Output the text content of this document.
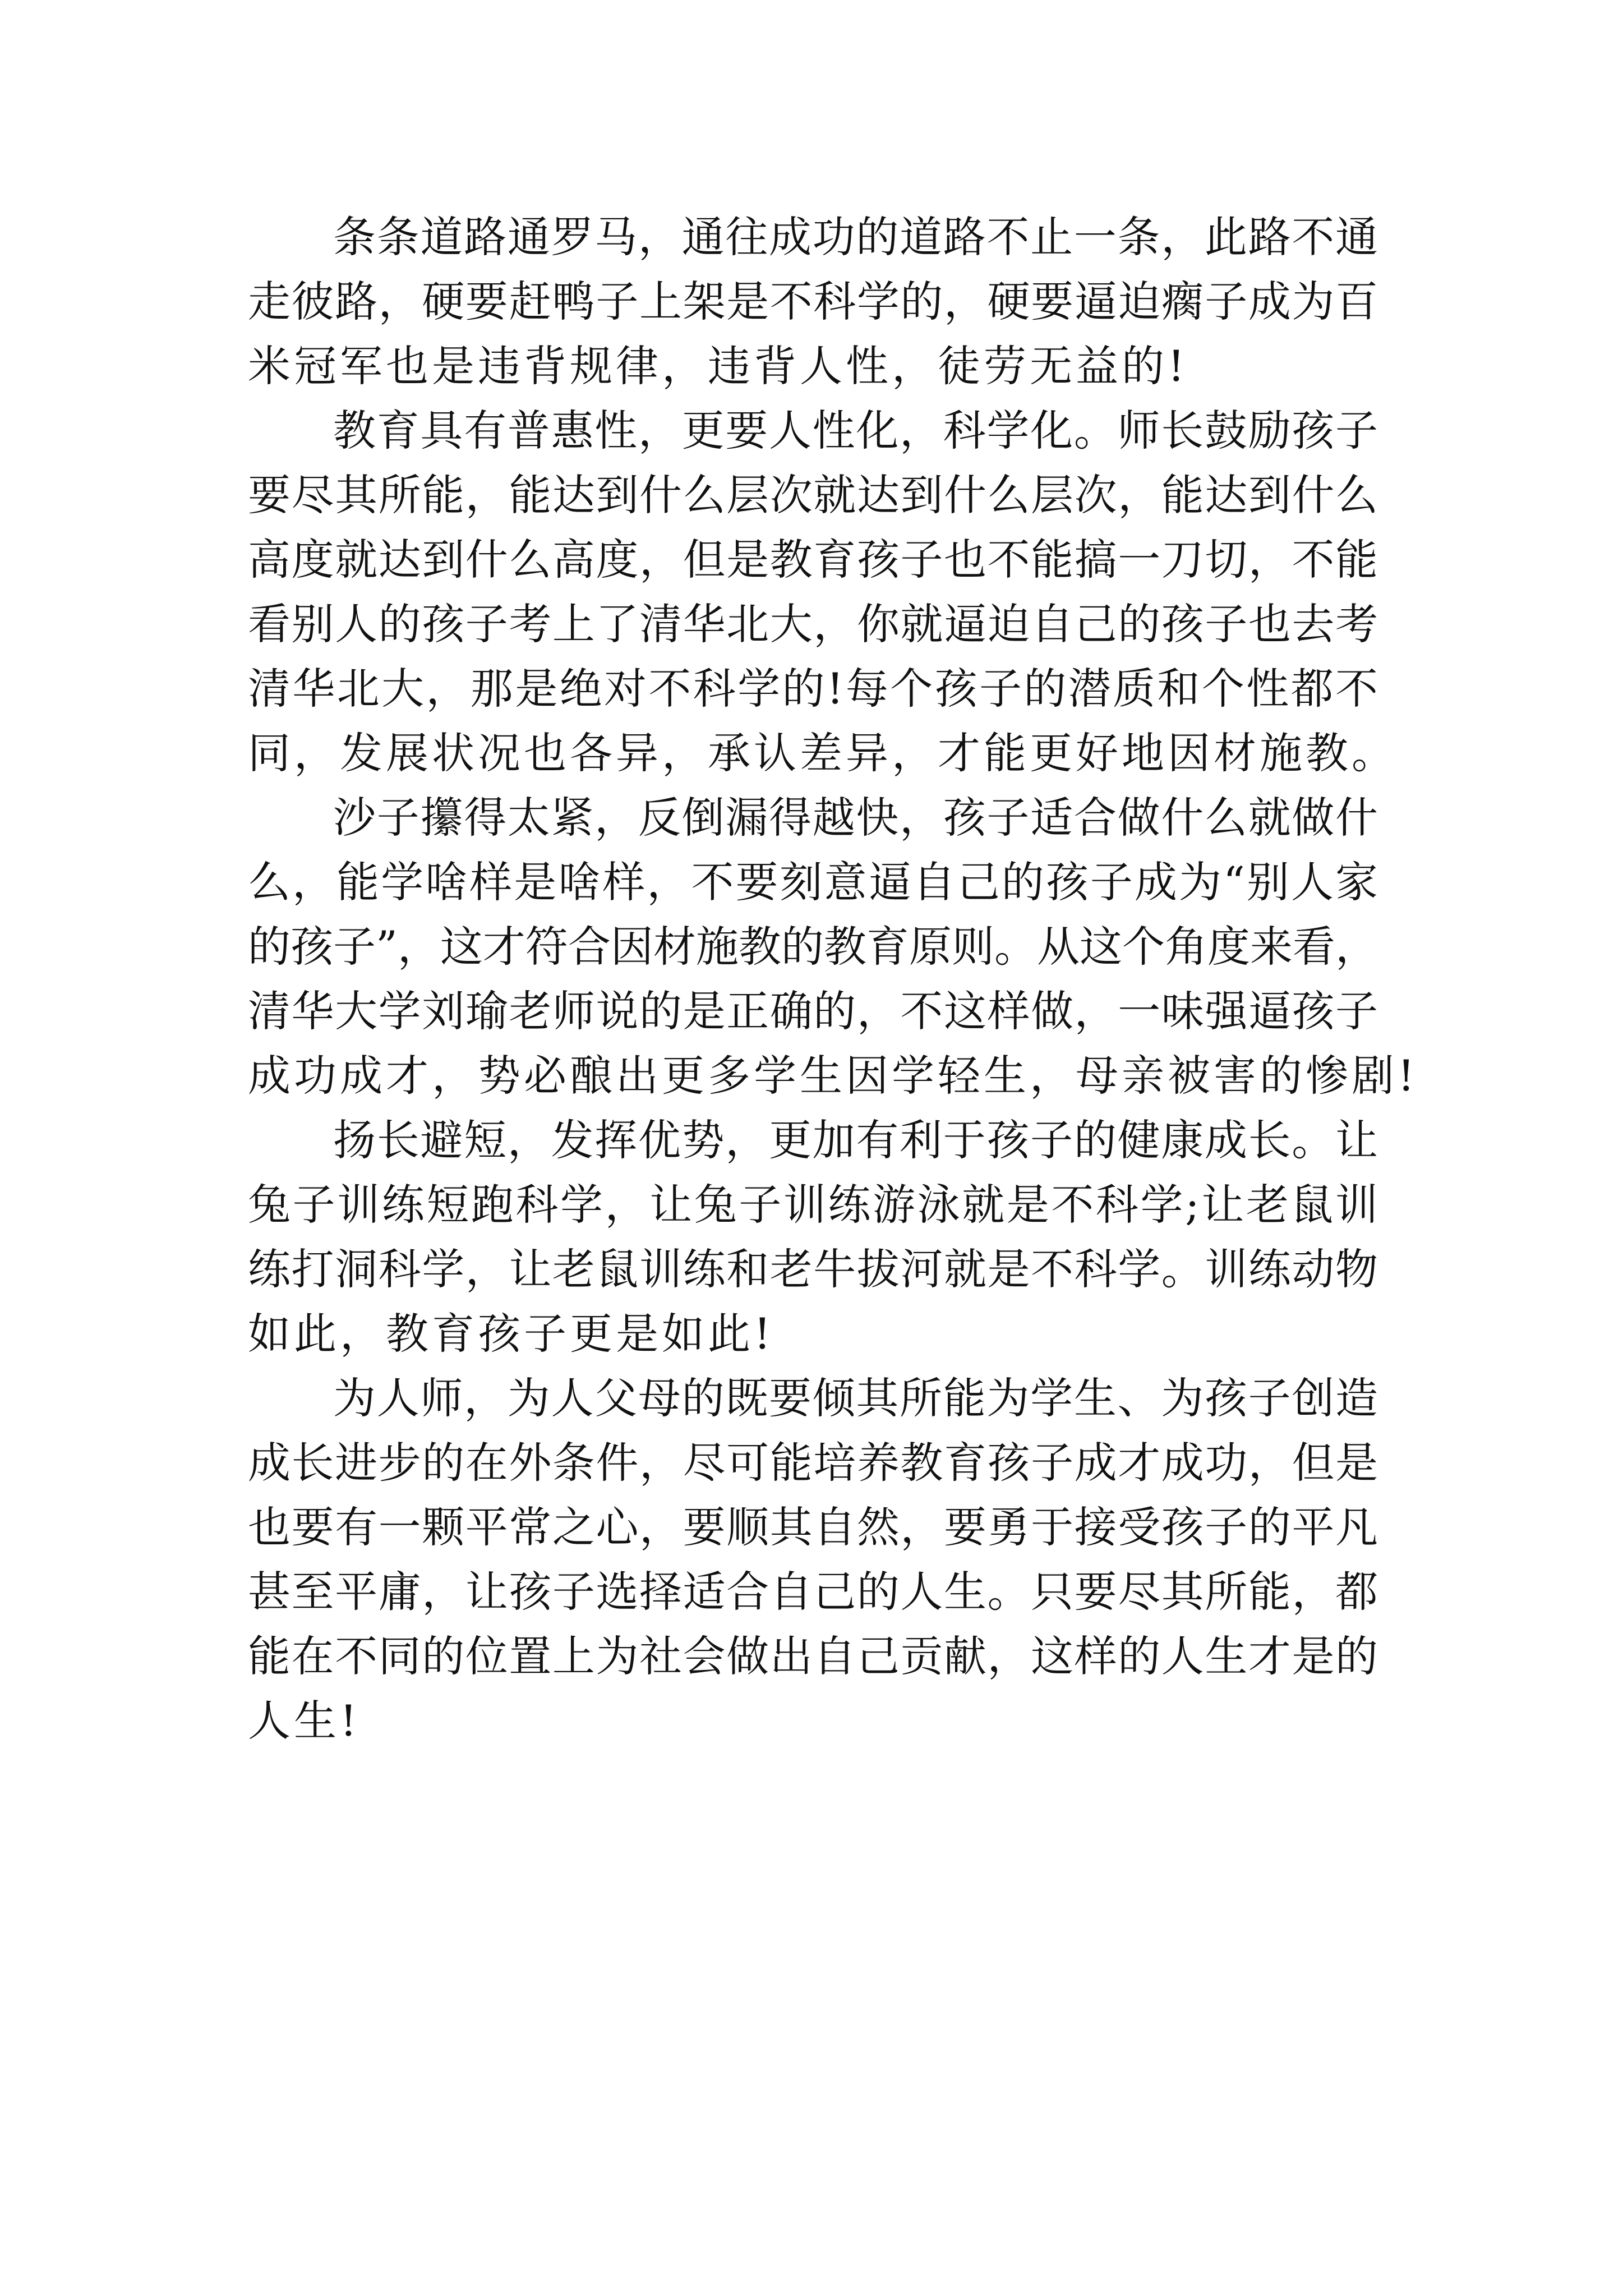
条条道路通罗马，通往成功的道路不止一条，此路不通
走彼路，硬要赶鸭子上架是不科学的，硬要逼迫瘸子成为百
米冠军也是违背规律，违背人性，徒劳无益的!
教育具有普惠性，更要人性化，科学化。师长鼓励孩子
要尽其所能，能达到什么层次就达到什么层次，能达到什么
高度就达到什么高度，但是教育孩子也不能搞一刀切，不能
看别人的孩子考上了清华北大，你就逼迫自己的孩子也去考
清华北大，那是绝对不科学的!每个孩子的潜质和个性都不
同，发展状况也各异，承认差异，才能更好地因材施教。
沙子攥得太紧，反倒漏得越快，孩子适合做什么就做什
么，能学啥样是啥样，不要刻意逼自己的孩子成为“别人家
的孩子”，这才符合因材施教的教育原则。从这个角度来看，
清华大学刘瑜老师说的是正确的，不这样做，一味强逼孩子
成功成才，势必酿出更多学生因学轻生，母亲被害的惨剧!
扬长避短，发挥优势，更加有利于孩子的健康成长。让
兔子训练短跑科学，让兔子训练游泳就是不科学;让老鼠训
练打洞科学，让老鼠训练和老牛拔河就是不科学。训练动物
如此，教育孩子更是如此!
为人师，为人父母的既要倾其所能为学生、为孩子创造
成长进步的在外条件，尽可能培养教育孩子成才成功，但是
也要有一颗平常之心，要顺其自然，要勇于接受孩子的平凡
甚至平庸，让孩子选择适合自己的人生。只要尽其所能，都
能在不同的位置上为社会做出自己贡献，这样的人生才是的
人生!
